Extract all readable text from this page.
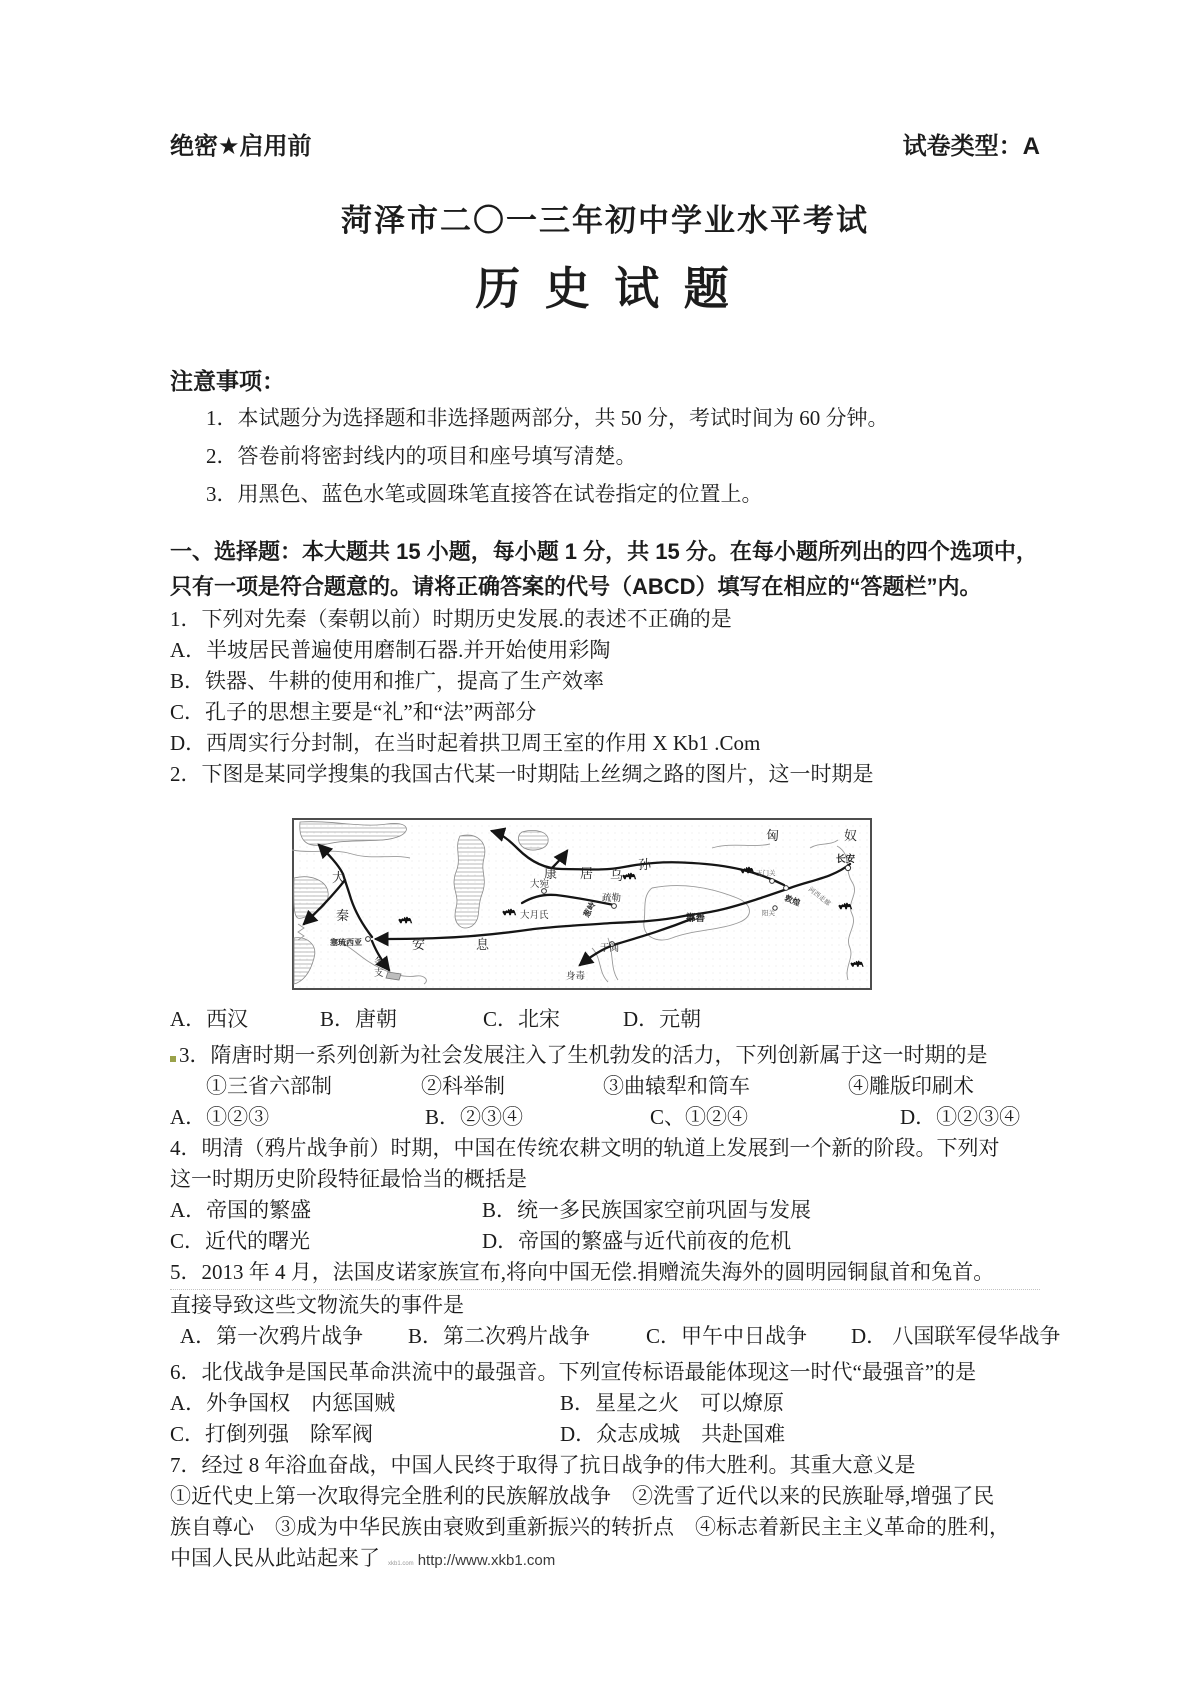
绝密★启用前	试卷类型：A
菏泽市二〇一三年初中学业水平考试
历 史 试 题

注意事项：

1．本试题分为选择题和非选择题两部分，共 50 分，考试时间为 60 分钟。

2．答卷前将密封线内的项目和座号填写清楚。

3．用黑色、蓝色水笔或圆珠笔直接答在试卷指定的位置上。

一、选择题：本大题共 15 小题，每小题 1 分，共 15 分。在每小题所列出的四个选项中，

只有一项是符合题意的。请将正确答案的代号（ABCD）填写在相应的“答题栏”内。

1．下列对先秦（秦朝以前）时期历史发展.的表述不正确的是

A．半坡居民普遍使用磨制石器.并开始使用彩陶

B．铁器、牛耕的使用和推广，提高了生产效率

C．孔子的思想主要是“礼”和“法”两部分

D．西周实行分封制，在当时起着拱卫周王室的作用 X Kb1 .Com

2．下图是某同学搜集的我国古代某一时期陆上丝绸之路的图片，这一时期是

匈	奴
长安
玉门关
敦煌
阳关
河西走廊
鄯善
乌
孙
康 居
大宛
疏勒
葱岭
大月氏
于阗
身毒
安	息
塞琉西亚
条
支
大
秦

A．西汉	B．唐朝	C．北宋	D．元朝

3．隋唐时期一系列创新为社会发展注入了生机勃发的活力，下列创新属于这一时期的是

①三省六部制	②科举制	③曲辕犁和筒车	④雕版印刷术

A．①②③	B．②③④	C、①②④	D．①②③④

4．明清（鸦片战争前）时期，中国在传统农耕文明的轨道上发展到一个新的阶段。下列对

这一时期历史阶段特征最恰当的概括是

A．帝国的繁盛	B．统一多民族国家空前巩固与发展

C．近代的曙光	D．帝国的繁盛与近代前夜的危机

5．2013 年 4 月，法国皮诺家族宣布,将向中国无偿.捐赠流失海外的圆明园铜鼠首和兔首。

直接导致这些文物流失的事件是

A．第一次鸦片战争 B．第二次鸦片战争	C．甲午中日战争 D． 八国联军侵华战争

6．北伐战争是国民革命洪流中的最强音。下列宣传标语最能体现这一时代“最强音”的是

A．外争国权　内惩国贼	B．星星之火　可以燎原

C．打倒列强　除军阀	D．众志成城　共赴国难

7．经过 8 年浴血奋战，中国人民终于取得了抗日战争的伟大胜利。其重大意义是

①近代史上第一次取得完全胜利的民族解放战争　②洗雪了近代以来的民族耻辱,增强了民

族自尊心　③成为中华民族由衰败到重新振兴的转折点　④标志着新民主主义革命的胜利，

中国人民从此站起来了 xkb1.com http://www.xkb1.com
